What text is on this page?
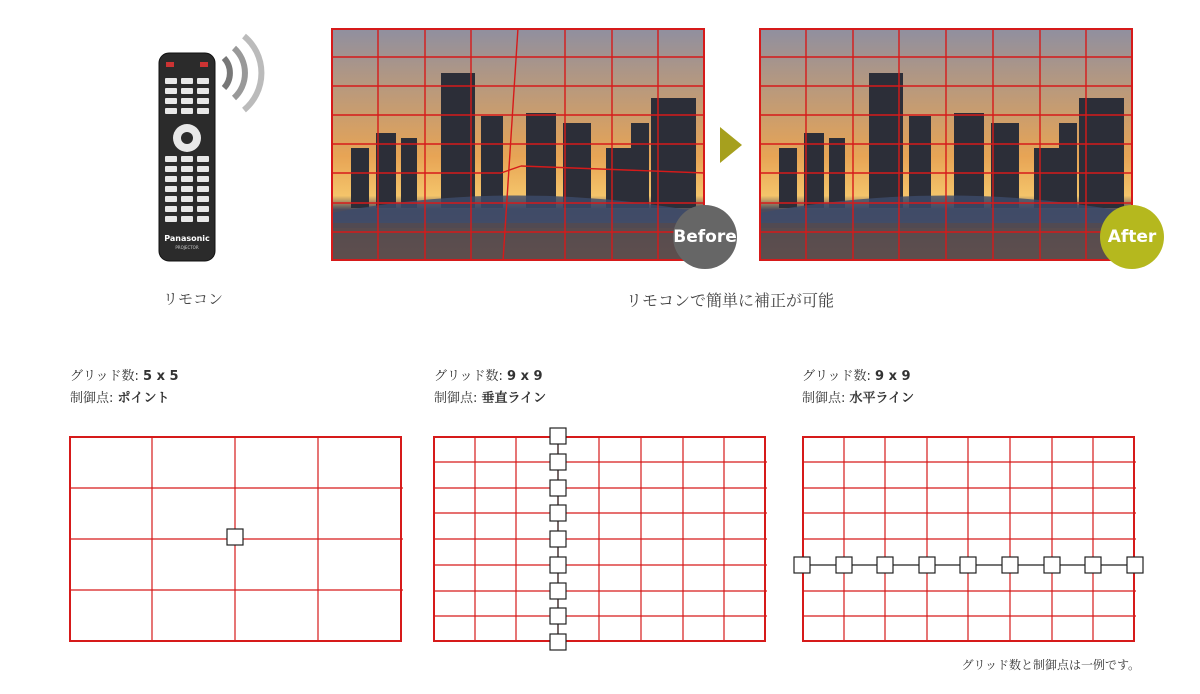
Panasonic
PROJECTOR
リモコン
Before	After
リモコンで簡単に補正が可能
グリッド数: 5 x 5
制御点: ポイント
グリッド数: 9 x 9
制御点: 垂直ライン
グリッド数: 9 x 9
制御点: 水平ライン
グリッド数と制御点は一例です。
